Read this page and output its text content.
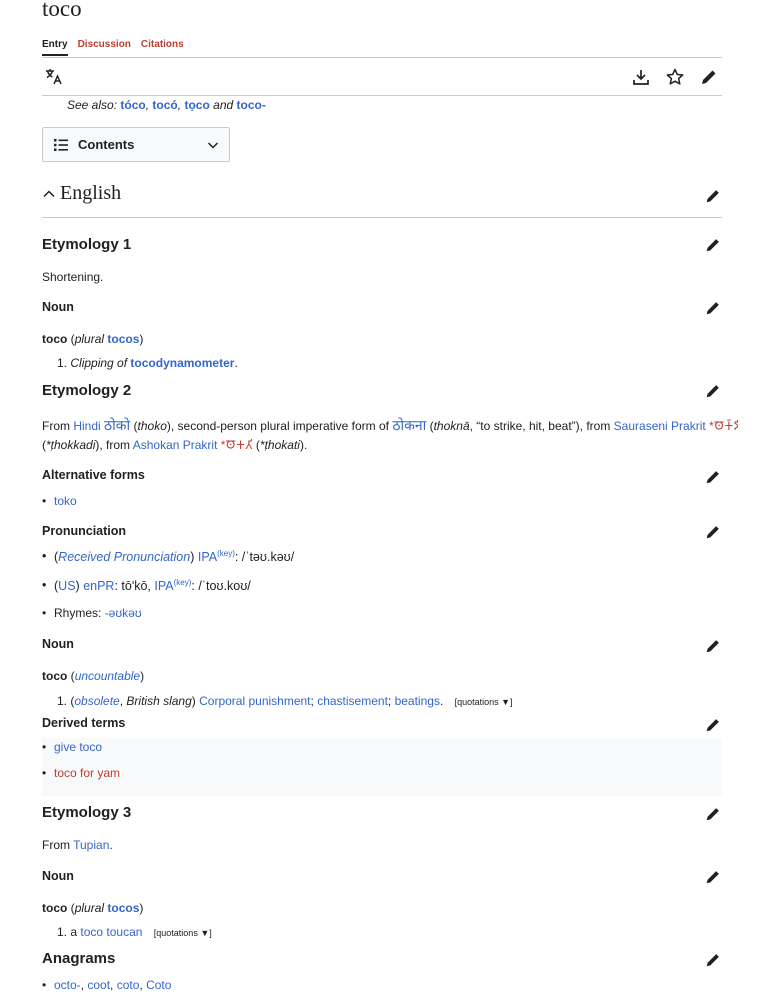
toco
Entry Discussion Citations
See also: tóco, tocó, tọco and toco-
Contents
English
Etymology 1
Shortening.
Noun
toco (plural tocos)
1. Clipping of tocodynamometer.
Etymology 2
From Hindi ठोको (thoko), second-person plural imperative form of ठोकना (thoknā, “to strike, hit, beat”), from Sauraseni Prakrit *𑀣𑁄𑀓𑁆𑀤𑀺
(*ṭhokkadi), from Ashokan Prakrit *𑀣𑁄𑀓𑀢𑀺 (*ṭhokati).
Alternative forms
• toko
Pronunciation
• (Received Pronunciation) $IPA^{(key)}$: /ˈtəʊ.kəʊ/
• (US) enPR: tōʹkō, $IPA^{(key)}$: /ˈtoʊ.koʊ/
• Rhymes: -əʊkəʊ
Noun
toco (uncountable)
1. (obsolete, British slang) Corporal punishment; chastisement; beatings. [quotations ▼]
Derived terms
• give toco
• toco for yam
Etymology 3
From Tupian.
Noun
toco (plural tocos)
1. a toco toucan [quotations ▼]
Anagrams
• octo-, coot, coto, Coto
